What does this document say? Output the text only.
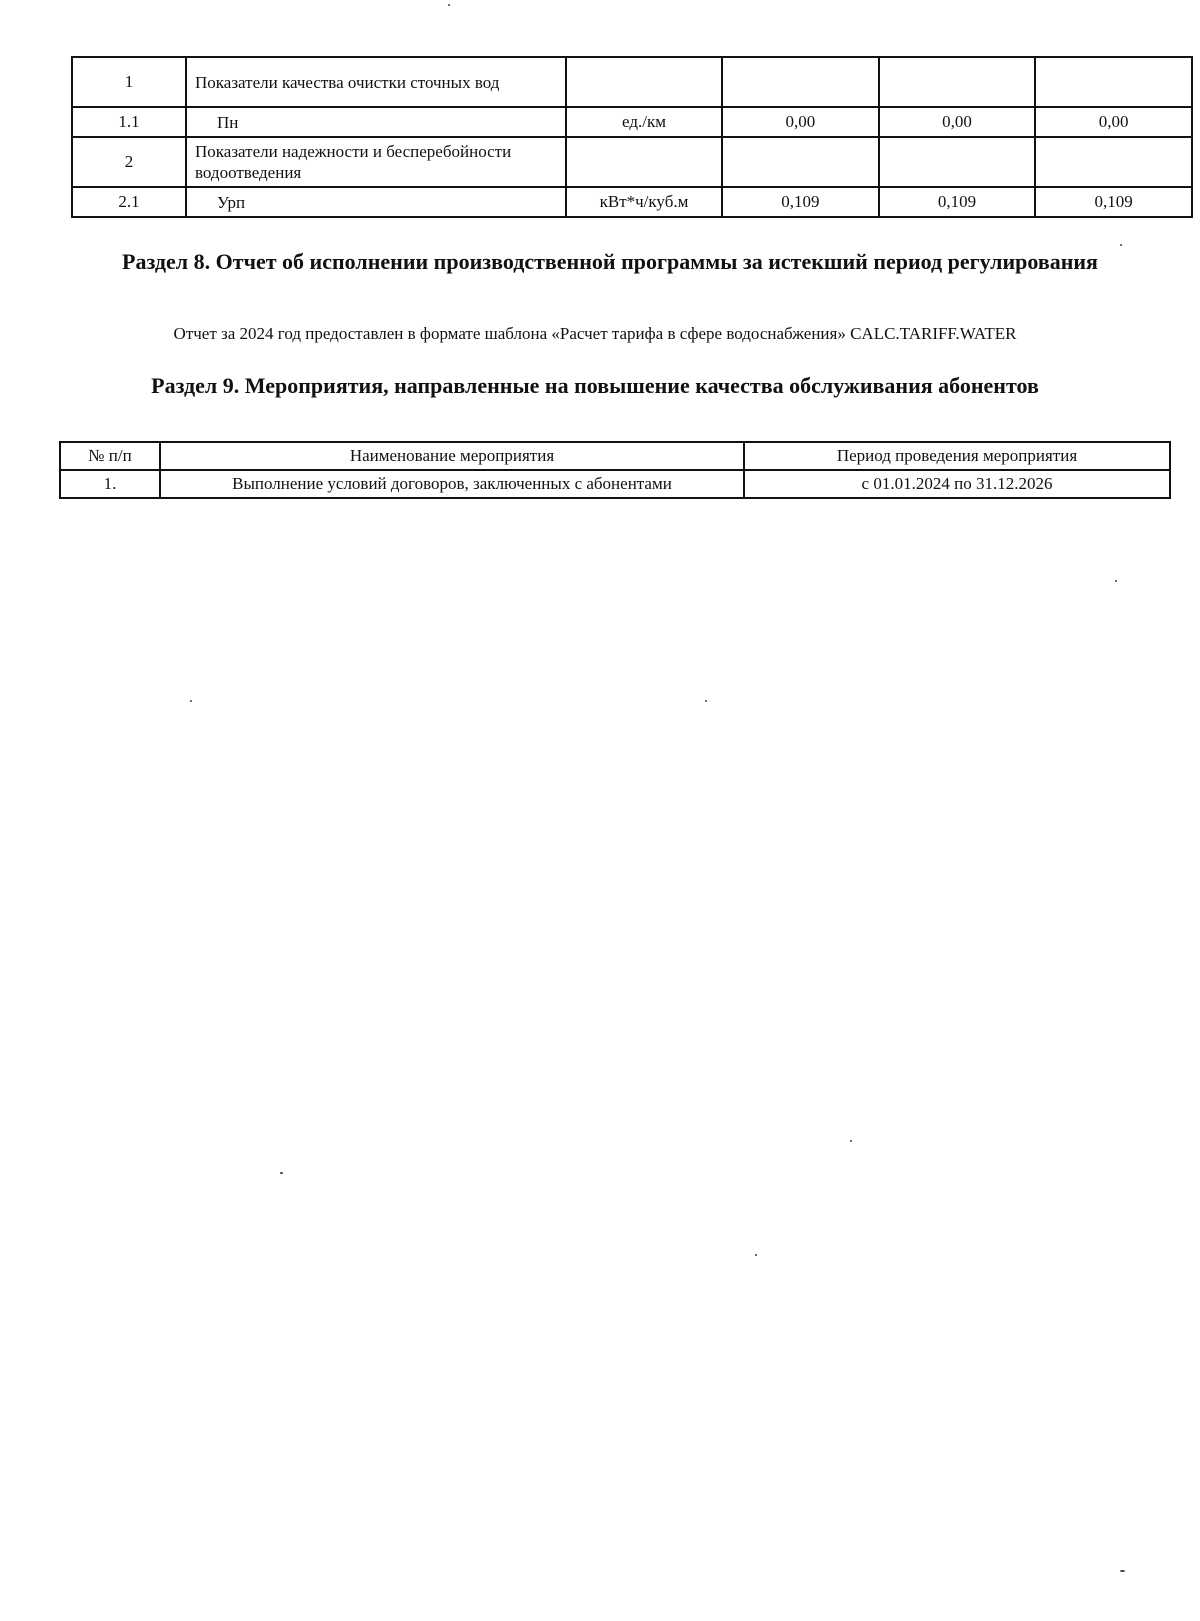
1	Показатели качества очистки сточных вод				
1.1	Пн	ед./км	0,00	0,00	0,00
2	Показатели надежности и бесперебойности водоотведения				
2.1	Урп	кВт*ч/куб.м	0,109	0,109	0,109
Раздел 8. Отчет об исполнении производственной программы за истекший период регулирования

Отчет за 2024 год предоставлен в формате шаблона «Расчет тарифа в сфере водоснабжения» CALC.TARIFF.WATER

Раздел 9. Мероприятия, направленные на повышение качества обслуживания абонентов
№ п/п	Наименование мероприятия	Период проведения мероприятия
1.	Выполнение условий договоров, заключенных с абонентами	с 01.01.2024 по 31.12.2026
